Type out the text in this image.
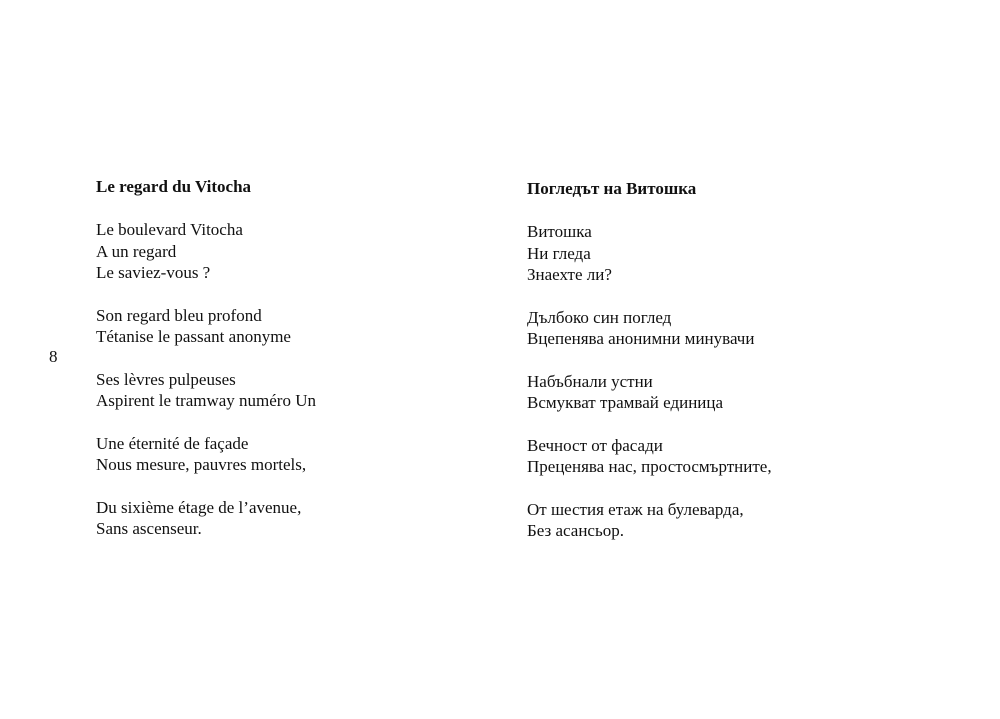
8
Le regard du Vitocha
Le boulevard Vitocha
A un regard
Le saviez-vous ?
Son regard bleu profond
Tétanise le passant anonyme
Ses lèvres pulpeuses
Aspirent le tramway numéro Un
Une éternité de façade
Nous mesure, pauvres mortels,
Du sixième étage de l’avenue,
Sans ascenseur.
Погледът на Витошка
Витошка
Ни гледа
Знаехте ли?
Дълбоко син поглед
Вцепенява анонимни минувачи
Набъбнали устни
Всмукват трамвай единица
Вечност от фасади
Преценява нас, простосмъртните,
От шестия етаж на булеварда,
Без асансьор.
